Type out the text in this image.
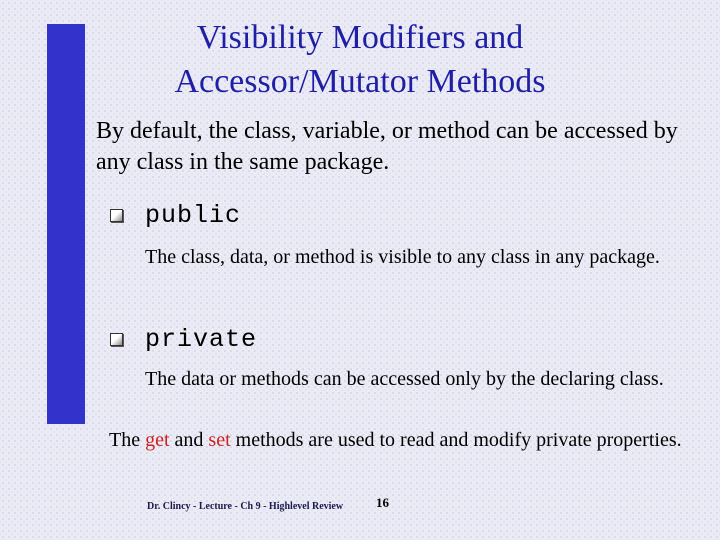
Visibility Modifiers and
Accessor/Mutator Methods

By default, the class, variable, or method can be accessed by any class in the same package.

public

The class, data, or method is visible to any class in any package.

private

The data or methods can be accessed only by the declaring class.

The get and set methods are used to read and modify private properties.

Dr. Clincy - Lecture - Ch 9 - Highlevel Review	16
